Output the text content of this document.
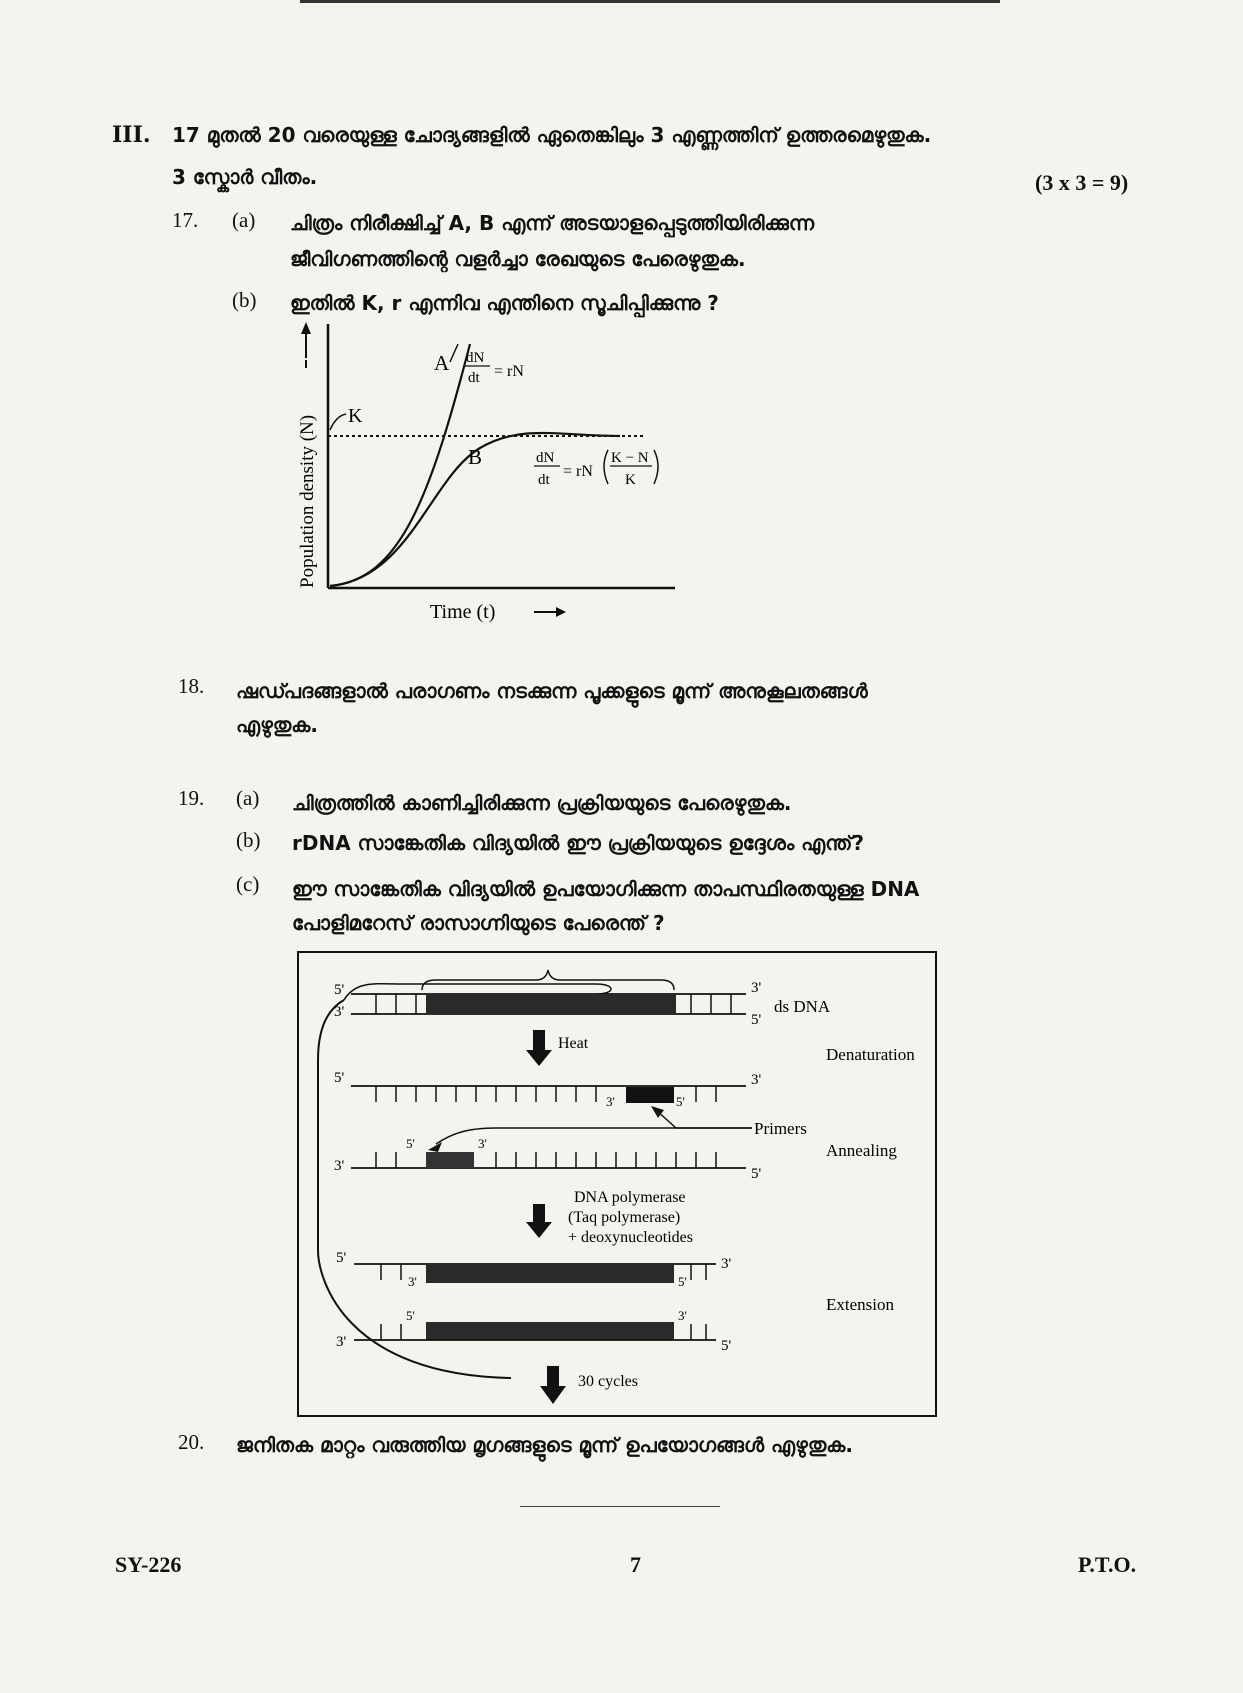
III. 17 മുതൽ 20 വരെയുള്ള ചോദ്യങ്ങളിൽ ഏതെങ്കിലും 3 എണ്ണത്തിന് ഉത്തരമെഴുതുക.
3 സ്കോർ വീതം.	(3 x 3 = 9)
17. (a) ചിത്രം നിരീക്ഷിച്ച് A, B എന്ന് അടയാളപ്പെടുത്തിയിരിക്കുന്ന
ജീവിഗണത്തിന്റെ വളർച്ചാ രേഖയുടെ പേരെഴുതുക.
(b) ഇതിൽ K, r എന്നിവ എന്തിനെ സൂചിപ്പിക്കുന്നു ?
Population density (N) K
A dN
dt = rN
B	dN
dt = rN
K − N
K
Time (t)
18. ഷഡ്പദങ്ങളാൽ പരാഗണം നടക്കുന്ന പൂക്കളുടെ മൂന്ന് അനുകൂലതങ്ങൾ
എഴുതുക.
19. (a) ചിത്രത്തിൽ കാണിച്ചിരിക്കുന്ന പ്രക്രിയയുടെ പേരെഴുതുക.
(b) rDNA സാങ്കേതിക വിദ്യയിൽ ഈ പ്രക്രിയയുടെ ഉദ്ദേശം എന്ത്?
(c) ഈ സാങ്കേതിക വിദ്യയിൽ ഉപയോഗിക്കുന്ന താപസ്ഥിരതയുള്ള DNA
പോളിമറേസ് രാസാഗ്നിയുടെ പേരെന്ത് ?
5'
3'
3'
5'
ds DNA
Heat
Denaturation
5'
3'	5'
3'
Primers
Annealing
3'
5'	3'
5'
DNA polymerase
(Taq polymerase)
+ deoxynucleotides
5'
3'	5'
3'
Extension
5'	3'
3'	5'
30 cycles
20. ജനിതക മാറ്റം വരുത്തിയ മൃഗങ്ങളുടെ മൂന്ന് ഉപയോഗങ്ങൾ എഴുതുക.
SY-226	7	P.T.O.
